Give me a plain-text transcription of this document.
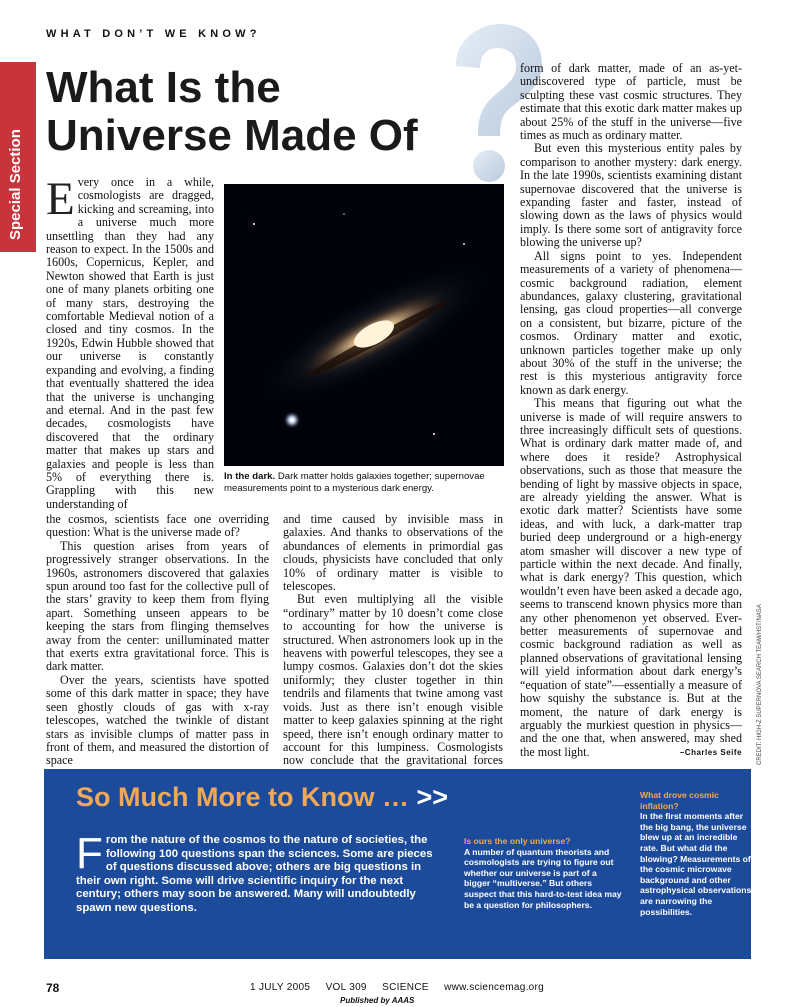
WHAT DON’T WE KNOW?
Special Section
What Is the Universe Made Of

Every once in a while, cosmologists are dragged, kicking and screaming, into a universe much more unsettling than they had any reason to expect. In the 1500s and 1600s, Copernicus, Kepler, and Newton showed that Earth is just one of many planets orbiting one of many stars, destroying the comfortable Medieval notion of a closed and tiny cosmos. In the 1920s, Edwin Hubble showed that our universe is constantly expanding and evolving, a finding that eventually shattered the idea that the universe is unchanging and eternal. And in the past few decades, cosmologists have discovered that the ordinary matter that makes up stars and galaxies and people is less than 5% of everything there is. Grappling with this new understanding of

In the dark. Dark matter holds galaxies together; supernovae measurements point to a mysterious dark energy.

the cosmos, scientists face one overriding question: What is the universe made of?

This question arises from years of progressively stranger observations. In the 1960s, astronomers discovered that galaxies spun around too fast for the collective pull of the stars’ gravity to keep them from flying apart. Something unseen appears to be keeping the stars from flinging themselves away from the center: unilluminated matter that exerts extra gravitational force. This is dark matter.

Over the years, scientists have spotted some of this dark matter in space; they have seen ghostly clouds of gas with x-ray telescopes, watched the twinkle of distant stars as invisible clumps of matter pass in front of them, and measured the distortion of space

and time caused by invisible mass in galaxies. And thanks to observations of the abundances of elements in primordial gas clouds, physicists have concluded that only 10% of ordinary matter is visible to telescopes.

But even multiplying all the visible “ordinary” matter by 10 doesn’t come close to accounting for how the universe is structured. When astronomers look up in the heavens with powerful telescopes, they see a lumpy cosmos. Galaxies don’t dot the skies uniformly; they cluster together in thin tendrils and filaments that twine among vast voids. Just as there isn’t enough visible matter to keep galaxies spinning at the right speed, there isn’t enough ordinary matter to account for this lumpiness. Cosmologists now conclude that the gravitational forces

form of dark matter, made of an as-yet-undiscovered type of particle, must be sculpting these vast cosmic structures. They estimate that this exotic dark matter makes up about 25% of the stuff in the universe—five times as much as ordinary matter.

But even this mysterious entity pales by comparison to another mystery: dark energy. In the late 1990s, scientists examining distant supernovae discovered that the universe is expanding faster and faster, instead of slowing down as the laws of physics would imply. Is there some sort of antigravity force blowing the universe up?

All signs point to yes. Independent measurements of a variety of phenomena—cosmic background radiation, element abundances, galaxy clustering, gravitational lensing, gas cloud properties—all converge on a consistent, but bizarre, picture of the cosmos. Ordinary matter and exotic, unknown particles together make up only about 30% of the stuff in the universe; the rest is this mysterious antigravity force known as dark energy.

This means that figuring out what the universe is made of will require answers to three increasingly difficult sets of questions. What is ordinary dark matter made of, and where does it reside? Astrophysical observations, such as those that measure the bending of light by massive objects in space, are already yielding the answer. What is exotic dark matter? Scientists have some ideas, and with luck, a dark-matter trap buried deep underground or a high-energy atom smasher will discover a new type of particle within the next decade. And finally, what is dark energy? This question, which wouldn’t even have been asked a decade ago, seems to transcend known physics more than any other phenomenon yet observed. Ever-better measurements of supernovae and cosmic background radiation as well as planned observations of gravitational lensing will yield information about dark energy’s “equation of state”—essentially a measure of how squishy the substance is. But at the moment, the nature of dark energy is arguably the murkiest question in physics—and the one that, when answered, may shed the most light.	–Charles Seife	CREDIT: HIGH-Z SUPERNOVA SEARCH TEAM/HST/NASA
So Much More to Know … >>
From the nature of the cosmos to the nature of societies, the following 100 questions span the sciences. Some are pieces of questions discussed above; others are big questions in their own right. Some will drive scientific inquiry for the next century; others may soon be answered. Many will undoubtedly spawn new questions.
Is ours the only universe?
A number of quantum theorists and cosmologists are trying to figure out whether our universe is part of a bigger “multiverse.” But others suspect that this hard-to-test idea may be a question for philosophers.
What drove cosmic inflation?
In the first moments after the big bang, the universe blew up at an incredible rate. But what did the blowing? Measurements of the cosmic microwave background and other astrophysical observations are narrowing the possibilities.
78	1 JULY 2005     VOL 309     SCIENCE     www.sciencemag.org
Published by AAAS
